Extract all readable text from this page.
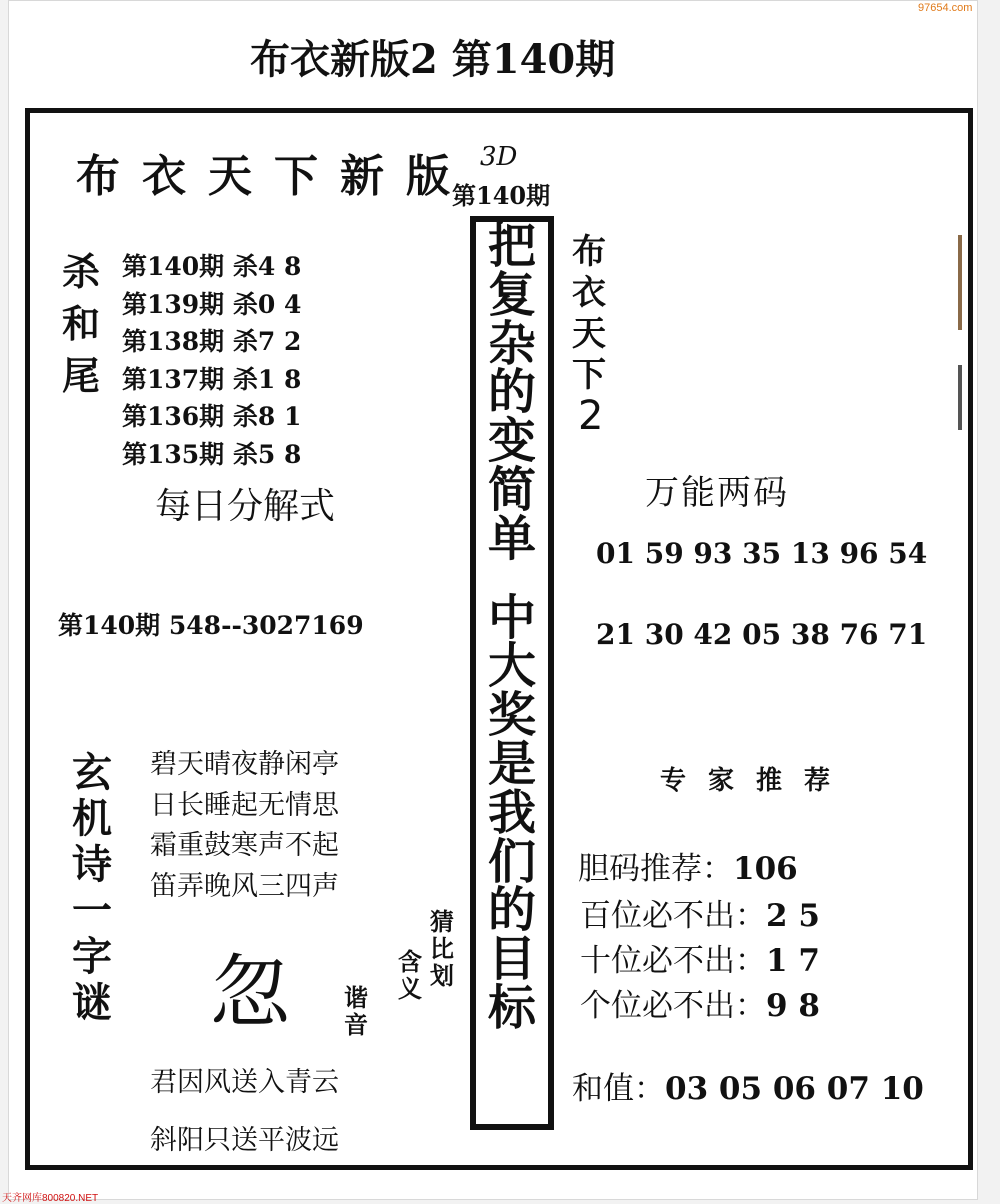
97654.com
布衣新版2 第140期
布衣天下新版 3D
第140期
杀
和
尾
第140期 杀4 8
第139期 杀0 4
第138期 杀7 2
第137期 杀1 8
第136期 杀8 1
第135期 杀5 8
每日分解式
第140期 548--3027169
把
复
杂
的
变
简
单
中
大
奖
是
我
们
的
目
标
布
衣
天
下
2
万能两码
01 59 93 35 13 96 54
21 30 42 05 38 76 71
专家推荐
胆码推荐：106
百位必不出：2 5
十位必不出：1 7
个位必不出：9 8
和值：03 05 06 07 10
玄
机
诗
一
字
谜
碧天晴夜静闲亭
日长睡起无情思
霜重鼓寒声不起
笛弄晚风三四声
忽
猜
比
划
含
义
谐
音
君因风送入青云
斜阳只送平波远
天齐网库800820.NET
